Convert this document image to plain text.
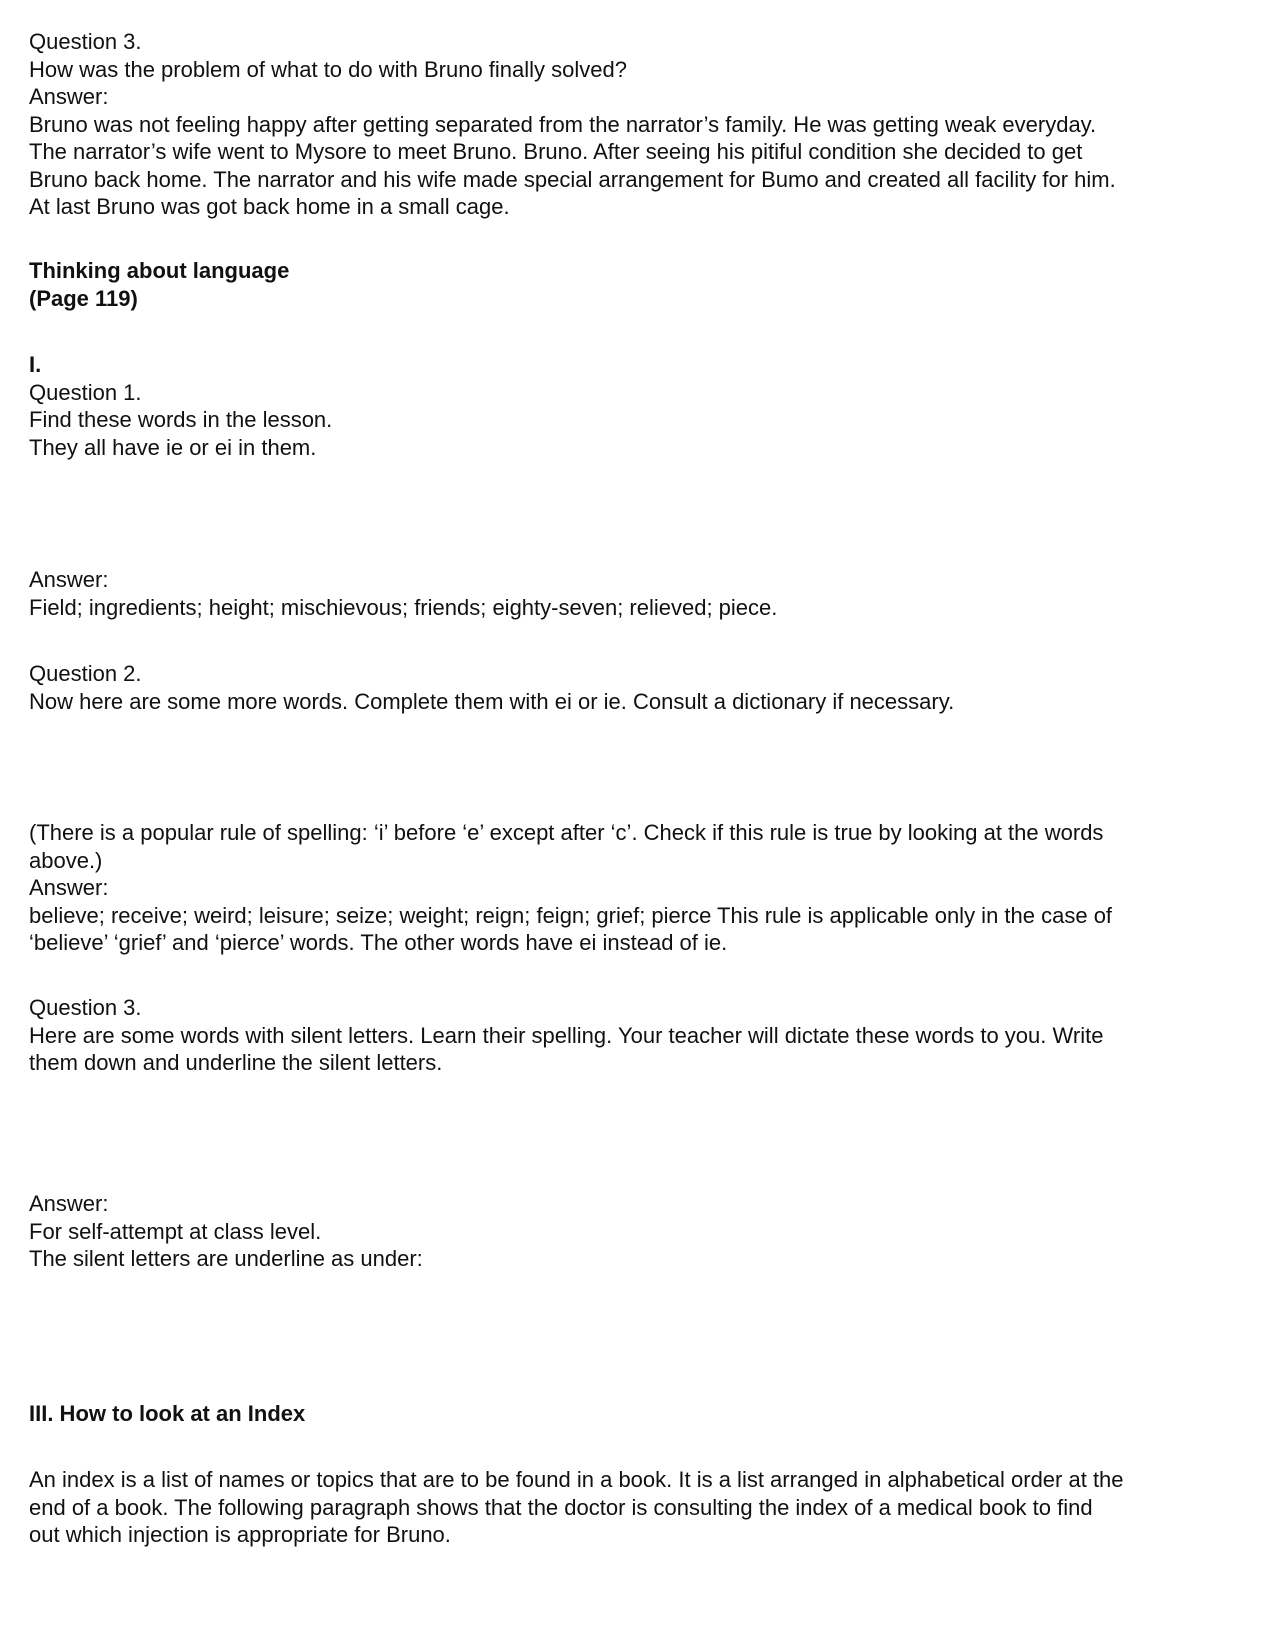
Question 3.
How was the problem of what to do with Bruno finally solved?
Answer:
Bruno was not feeling happy after getting separated from the narrator’s family. He was getting weak everyday.
The narrator’s wife went to Mysore to meet Bruno. Bruno. After seeing his pitiful condition she decided to get
Bruno back home. The narrator and his wife made special arrangement for Bumo and created all facility for him.
At last Bruno was got back home in a small cage.
Thinking about language
(Page 119)
I.
Question 1.
Find these words in the lesson.
They all have ie or ei in them.
Answer:
Field; ingredients; height; mischievous; friends; eighty-seven; relieved; piece.
Question 2.
Now here are some more words. Complete them with ei or ie. Consult a dictionary if necessary.
(There is a popular rule of spelling: ‘i’ before ‘e’ except after ‘c’. Check if this rule is true by looking at the words
above.)
Answer:
believe; receive; weird; leisure; seize; weight; reign; feign; grief; pierce This rule is applicable only in the case of
‘believe’ ‘grief’ and ‘pierce’ words. The other words have ei instead of ie.
Question 3.
Here are some words with silent letters. Learn their spelling. Your teacher will dictate these words to you. Write
them down and underline the silent letters.
Answer:
For self-attempt at class level.
The silent letters are underline as under:
III. How to look at an Index
An index is a list of names or topics that are to be found in a book. It is a list arranged in alphabetical order at the
end of a book. The following paragraph shows that the doctor is consulting the index of a medical book to find
out which injection is appropriate for Bruno.
